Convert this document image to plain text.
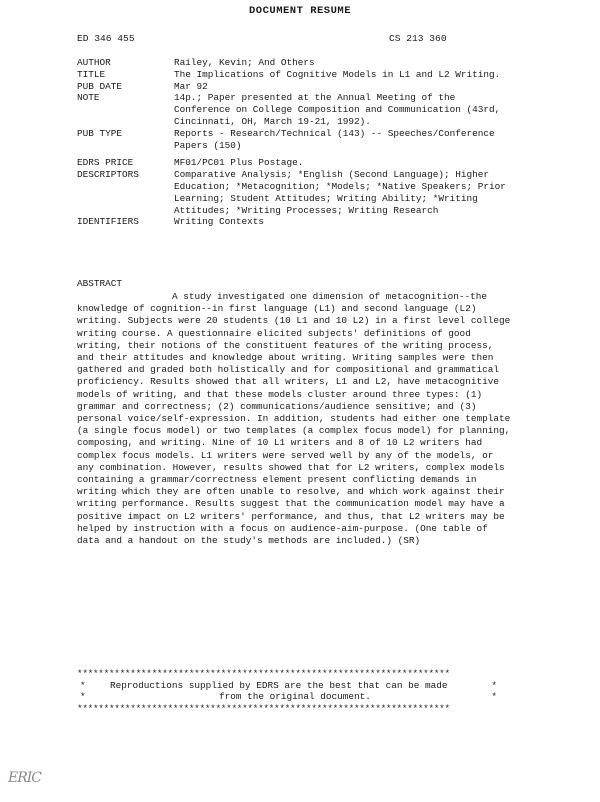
DOCUMENT RESUME
ED 346 455	CS 213 360
AUTHOR	Railey, Kevin; And Others
TITLE	The Implications of Cognitive Models in L1 and L2 Writing.
PUB DATE	Mar 92
NOTE	14p.; Paper presented at the Annual Meeting of the Conference on College Composition and Communication (43rd, Cincinnati, OH, March 19-21, 1992).
PUB TYPE	Reports - Research/Technical (143) -- Speeches/Conference Papers (150)
EDRS PRICE	MF01/PC01 Plus Postage.
DESCRIPTORS	Comparative Analysis; *English (Second Language); Higher Education; *Metacognition; *Models; *Native Speakers; Prior Learning; Student Attitudes; Writing Ability; *Writing Attitudes; *Writing Processes; Writing Research
IDENTIFIERS	Writing Contexts
ABSTRACT
A study investigated one dimension of metacognition--the knowledge of cognition--in first language (L1) and second language (L2) writing. Subjects were 20 students (10 L1 and 10 L2) in a first level college writing course. A questionnaire elicited subjects' definitions of good writing, their notions of the constituent features of the writing process, and their attitudes and knowledge about writing. Writing samples were then gathered and graded both holistically and for compositional and grammatical proficiency. Results showed that all writers, L1 and L2, have metacognitive models of writing, and that these models cluster around three types: (1) grammar and correctness; (2) communications/audience sensitive; and (3) personal voice/self-expression. In addition, students had either one template (a single focus model) or two templates (a complex focus model) for planning, composing, and writing. Nine of 10 L1 writers and 8 of 10 L2 writers had complex focus models. L1 writers were served well by any of the models, or any combination. However, results showed that for L2 writers, complex models containing a grammar/correctness element present conflicting demands in writing which they are often unable to resolve, and which work against their writing performance. Results suggest that the communication model may have a positive impact on L2 writers' performance, and thus, that L2 writers may be helped by instruction with a focus on audience-aim-purpose. (One table of data and a handout on the study's methods are included.) (SR)
**********************************************************************
*	Reproductions supplied by EDRS are the best that can be made	*
*	from the original document.	*
**********************************************************************
ERIC
